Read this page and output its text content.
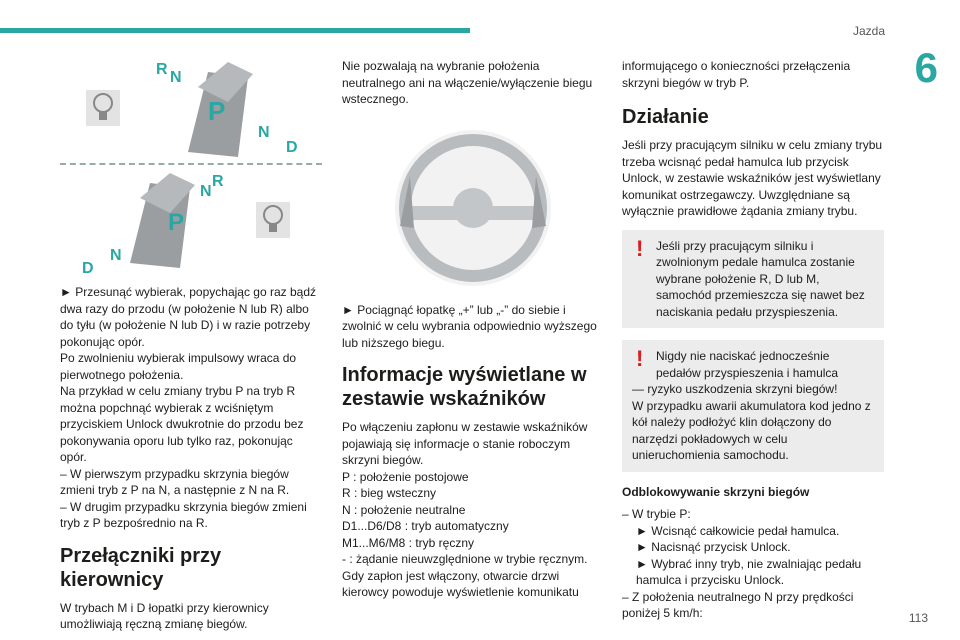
Jazda
6
113
P
R N
N
D
P
R
N
N
D

► Przesunąć wybierak, popychając go raz bądź dwa razy do przodu (w położenie N lub R) albo do tyłu (w położenie N lub D) i w razie potrzeby pokonując opór.

Po zwolnieniu wybierak impulsowy wraca do pierwotnego położenia.

Na przykład w celu zmiany trybu P na tryb R można popchnąć wybierak z wciśniętym przyciskiem Unlock dwukrotnie do przodu bez pokonywania oporu lub tylko raz, pokonując opór.

– W pierwszym przypadku skrzynia biegów zmieni tryb z P na N, a następnie z N na R.

– W drugim przypadku skrzynia biegów zmieni tryb z P bezpośrednio na R.

Przełączniki przy kierownicy

W trybach M i D łopatki przy kierownicy umożliwiają ręczną zmianę biegów.

Nie pozwalają na wybranie położenia neutralnego ani na włączenie/wyłączenie biegu wstecznego.

► Pociągnąć łopatkę „+” lub „-” do siebie i zwolnić w celu wybrania odpowiednio wyższego lub niższego biegu.

Informacje wyświetlane w zestawie wskaźników

Po włączeniu zapłonu w zestawie wskaźników pojawiają się informacje o stanie roboczym skrzyni biegów.

P : położenie postojowe

R : bieg wsteczny

N : położenie neutralne

D1...D6/D8 : tryb automatyczny

M1...M6/M8 : tryb ręczny

- : żądanie nieuwzględnione w trybie ręcznym.

Gdy zapłon jest włączony, otwarcie drzwi kierowcy powoduje wyświetlenie komunikatu

informującego o konieczności przełączenia skrzyni biegów w tryb P.

Działanie

Jeśli przy pracującym silniku w celu zmiany trybu trzeba wcisnąć pedał hamulca lub przycisk Unlock, w zestawie wskaźników jest wyświetlany komunikat ostrzegawczy. Uwzględniane są wyłącznie prawidłowe żądania zmiany trybu.

!	Jeśli przy pracującym silniku i zwolnionym pedale hamulca zostanie wybrane położenie R, D lub M, samochód przemieszcza się nawet bez naciskania pedału przyspieszenia.

!	Nigdy nie naciskać jednocześnie pedałów przyspieszenia i hamulca

— ryzyko uszkodzenia skrzyni biegów!

W przypadku awarii akumulatora kod jedno z kół należy podłożyć klin dołączony do narzędzi pokładowych w celu unieruchomienia samochodu.

Odblokowywanie skrzyni biegów

– W trybie P:

► Wcisnąć całkowicie pedał hamulca.

► Nacisnąć przycisk Unlock.

► Wybrać inny tryb, nie zwalniając pedału hamulca i przycisku Unlock.

– Z położenia neutralnego N przy prędkości poniżej 5 km/h:
